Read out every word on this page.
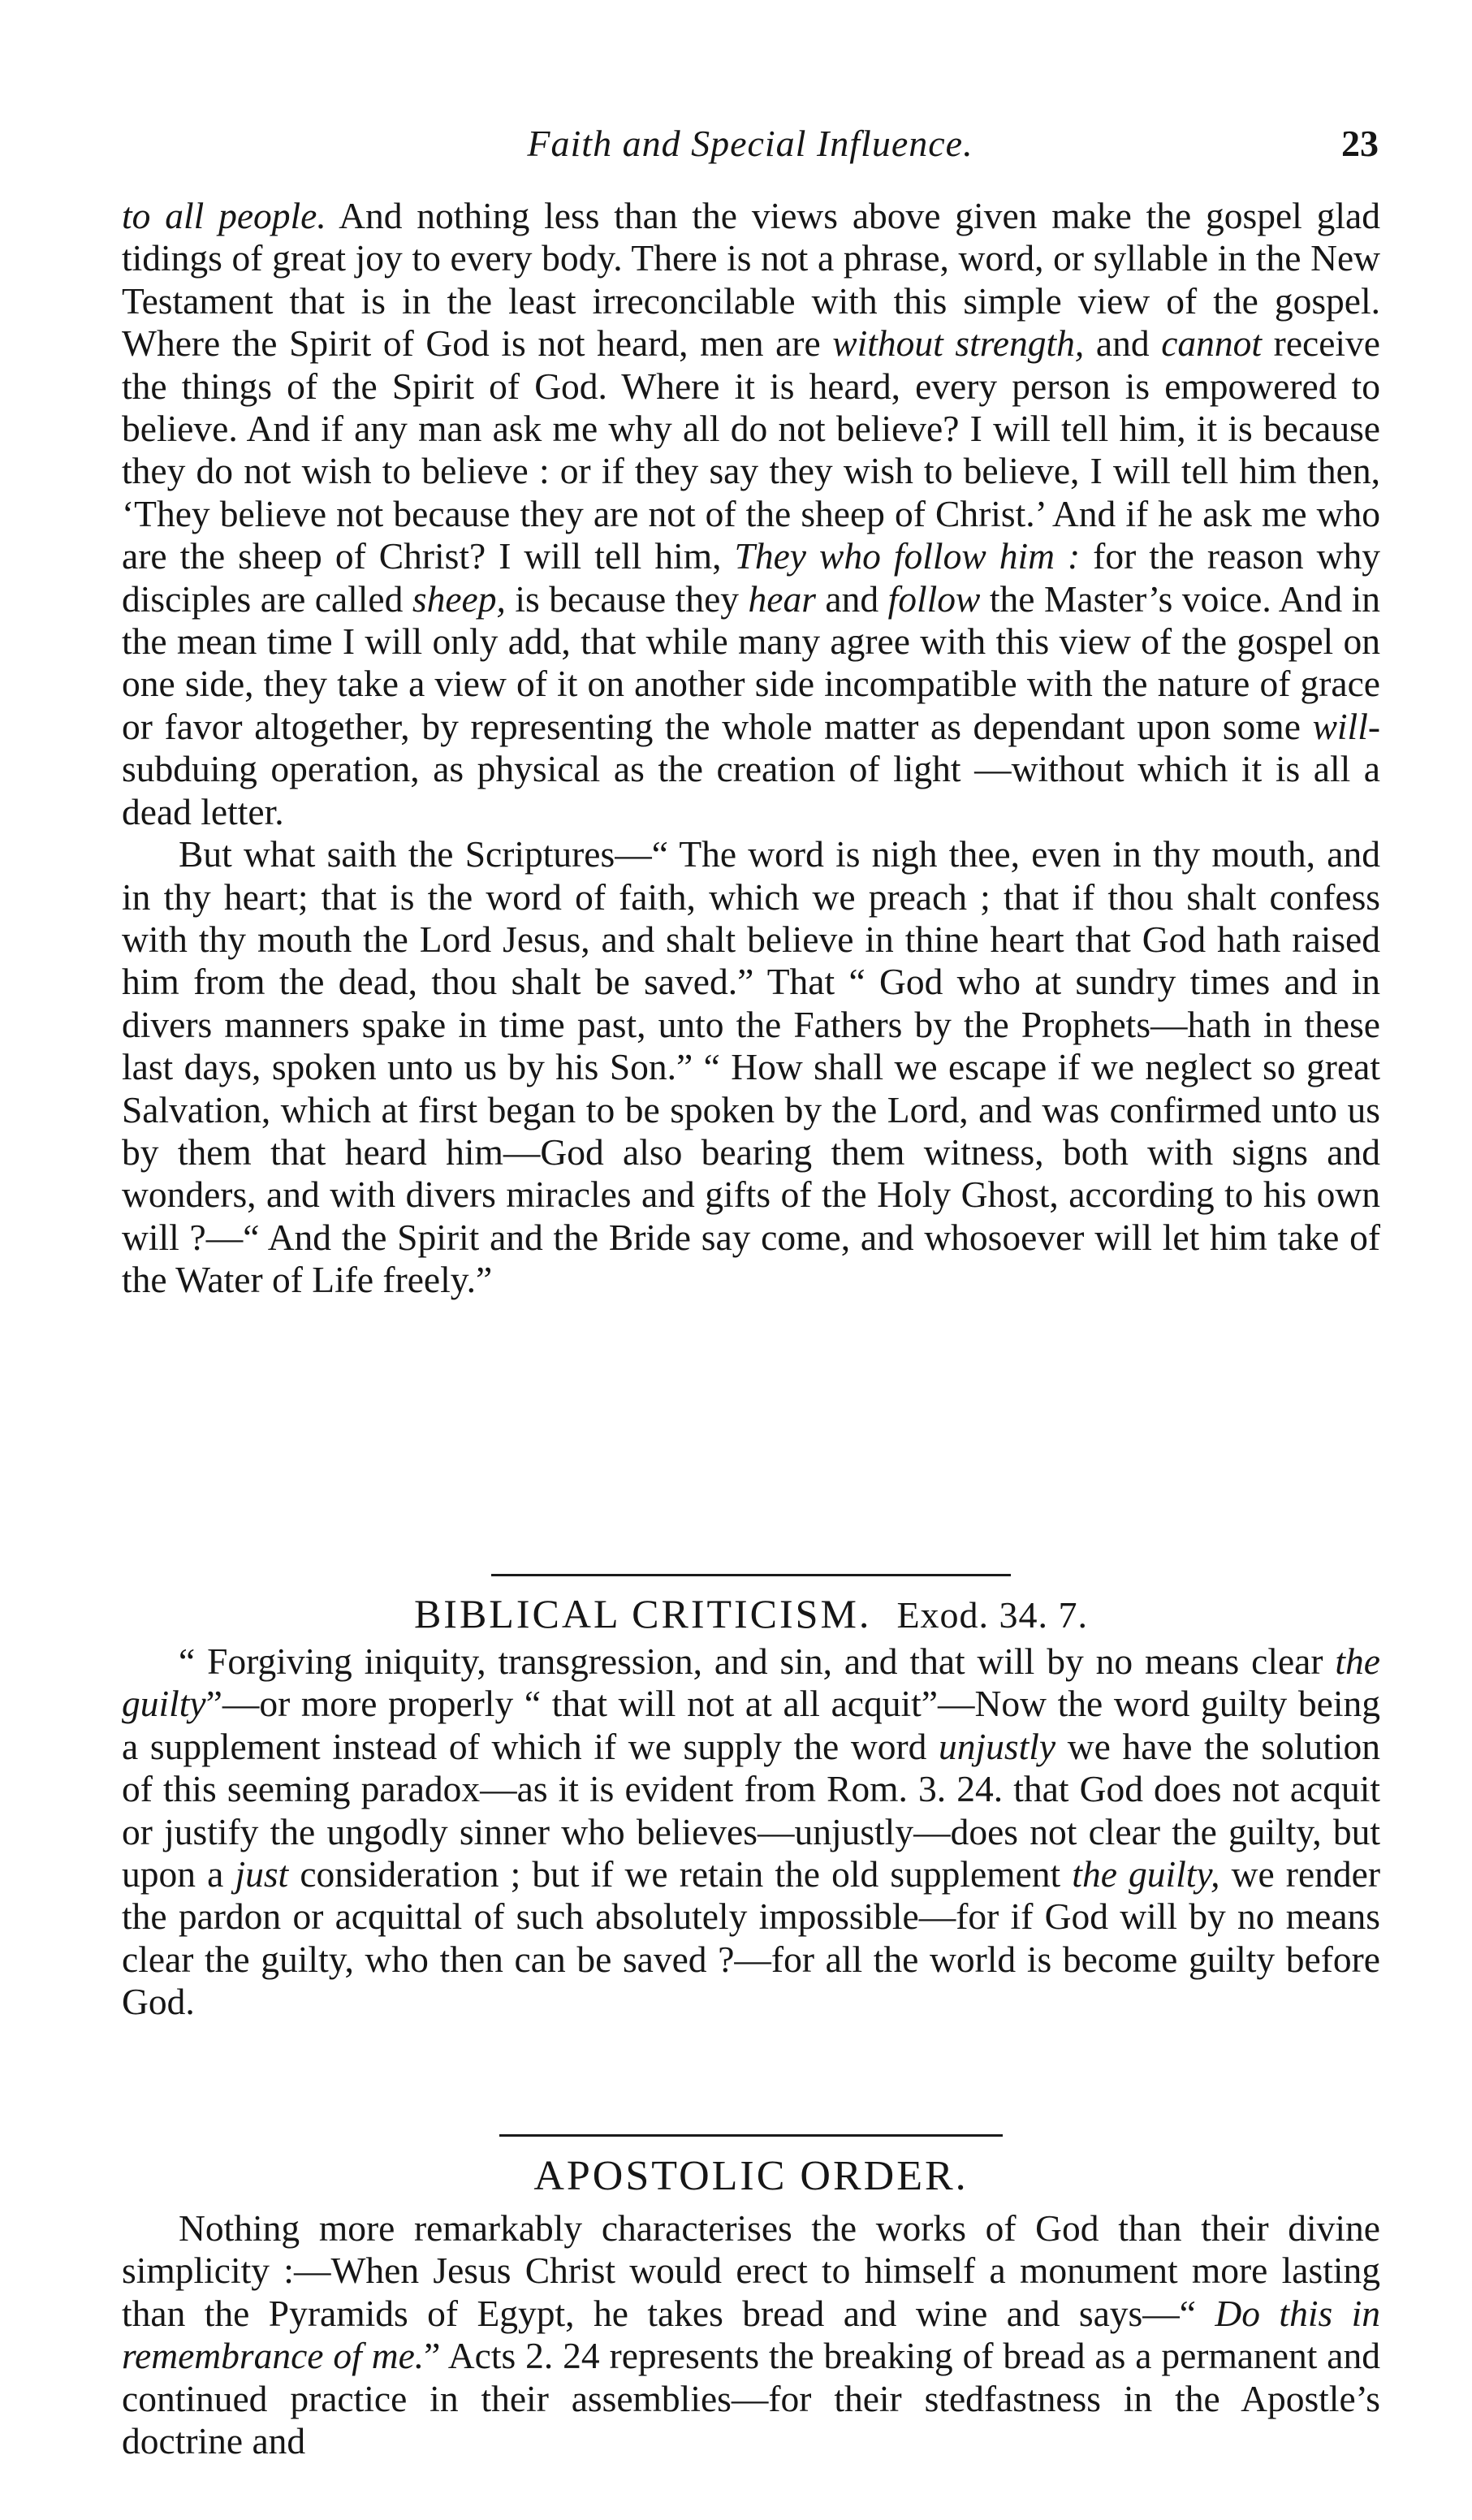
Faith and Special Influence.	23

to all people. And nothing less than the views above given make the gospel glad tidings of great joy to every body. There is not a phrase, word, or syllable in the New Testament that is in the least irreconcilable with this simple view of the gospel. Where the Spirit of God is not heard, men are without strength, and cannot receive the things of the Spirit of God. Where it is heard, every person is empowered to believe. And if any man ask me why all do not believe? I will tell him, it is because they do not wish to believe : or if they say they wish to believe, I will tell him then, ‘They believe not because they are not of the sheep of Christ.’ And if he ask me who are the sheep of Christ? I will tell him, They who follow him : for the reason why disciples are called sheep, is because they hear and follow the Master’s voice. And in the mean time I will only add, that while many agree with this view of the gospel on one side, they take a view of it on another side incompatible with the nature of grace or favor altogether, by representing the whole matter as dependant upon some will-subduing operation, as physical as the creation of light —without which it is all a dead letter.

But what saith the Scriptures—“ The word is nigh thee, even in thy mouth, and in thy heart; that is the word of faith, which we preach ; that if thou shalt confess with thy mouth the Lord Jesus, and shalt believe in thine heart that God hath raised him from the dead, thou shalt be saved.” That “ God who at sundry times and in divers manners spake in time past, unto the Fathers by the Prophets—hath in these last days, spoken unto us by his Son.” “ How shall we escape if we neglect so great Salvation, which at first began to be spoken by the Lord, and was confirmed unto us by them that heard him—God also bearing them witness, both with signs and wonders, and with divers miracles and gifts of the Holy Ghost, according to his own will ?—“ And the Spirit and the Bride say come, and whosoever will let him take of the Water of Life freely.”

BIBLICAL CRITICISM. Exod. 34. 7.

“ Forgiving iniquity, transgression, and sin, and that will by no means clear the guilty”—or more properly “ that will not at all acquit”—Now the word guilty being a supplement instead of which if we supply the word unjustly we have the solution of this seeming paradox—as it is evident from Rom. 3. 24. that God does not acquit or justify the ungodly sinner who believes—unjustly—does not clear the guilty, but upon a just consideration ; but if we retain the old supplement the guilty, we render the pardon or acquittal of such absolutely impossible—for if God will by no means clear the guilty, who then can be saved ?—for all the world is become guilty before God.

APOSTOLIC ORDER.

Nothing more remarkably characterises the works of God than their divine simplicity :—When Jesus Christ would erect to himself a monument more lasting than the Pyramids of Egypt, he takes bread and wine and says—“ Do this in remembrance of me.” Acts 2. 24 represents the breaking of bread as a permanent and continued practice in their assemblies—for their stedfastness in the Apostle’s doctrine and
